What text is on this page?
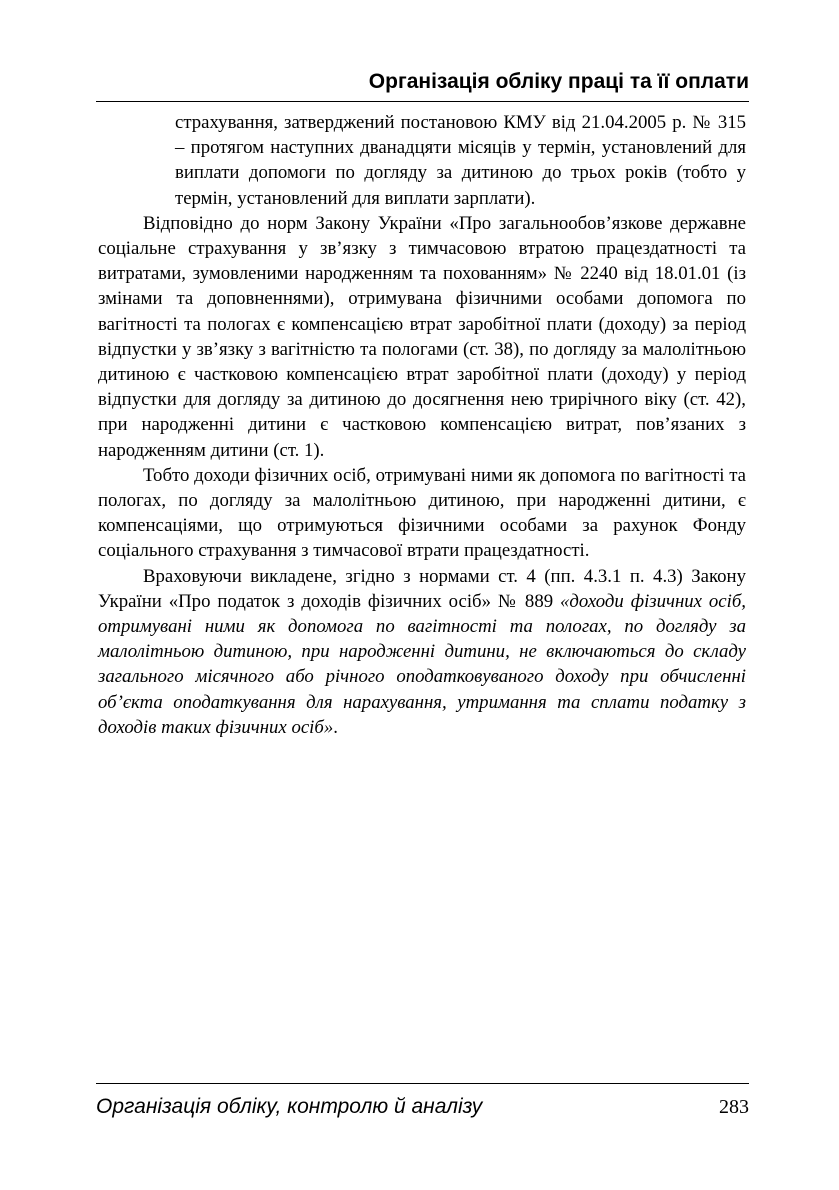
Організація обліку праці та її оплати

страхування, затверджений постановою КМУ від 21.04.2005 р. № 315 – протягом наступних дванадцяти місяців у термін, установлений для виплати допомоги по догляду за дитиною до трьох років (тобто у термін, установлений для виплати зарплати).

Відповідно до норм Закону України «Про загальнообов’язкове державне соціальне страхування у зв’язку з тимчасовою втратою працездатності та витратами, зумовленими народженням та похованням» № 2240 від 18.01.01 (із змінами та доповненнями), отримувана фізичними особами допомога по вагітності та пологах є компенсацією втрат заробітної плати (доходу) за період відпустки у зв’язку з вагітністю та пологами (ст. 38), по догляду за малолітньою дитиною є частковою компенсацією втрат заробітної плати (доходу) у період відпустки для догляду за дитиною до досягнення нею трирічного віку (ст. 42), при народженні дитини є частковою компенсацією витрат, пов’язаних з народженням дитини (ст. 1).

Тобто доходи фізичних осіб, отримувані ними як допомога по вагітності та пологах, по догляду за малолітньою дитиною, при народженні дитини, є компенсаціями, що отримуються фізичними особами за рахунок Фонду соціального страхування з тимчасової втрати працездатності.

Враховуючи викладене, згідно з нормами ст. 4 (пп. 4.3.1 п. 4.3) Закону України «Про податок з доходів фізичних осіб» № 889 «доходи фізичних осіб, отримувані ними як допомога по вагітності та пологах, по догляду за малолітньою дитиною, при народженні дитини, не включаються до складу загального місячного або річного оподатковуваного доходу при обчисленні об’єкта оподаткування для нарахування, утримання та сплати податку з доходів таких фізичних осіб».

Організація обліку, контролю й аналізу	283
